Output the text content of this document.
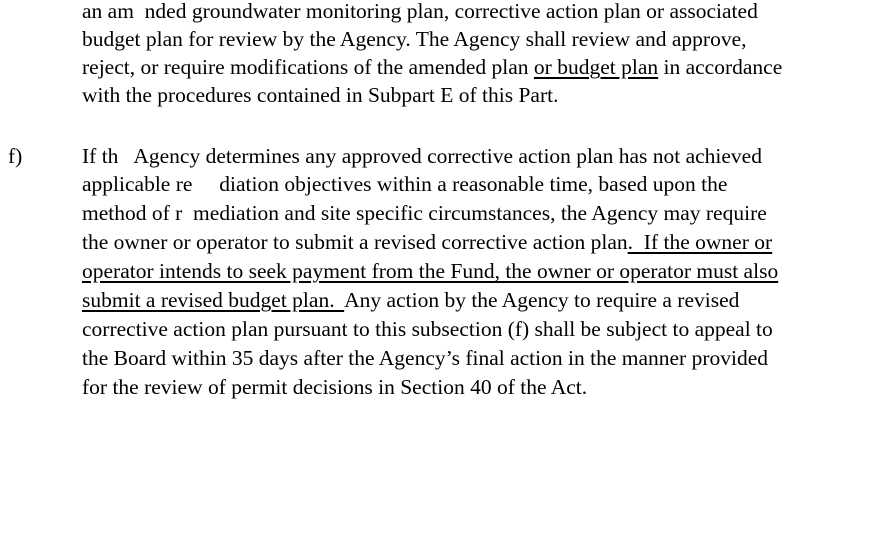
an am  nded groundwater monitoring plan, corrective action plan or associated
budget plan for review by the Agency. The Agency shall review and approve,
reject, or require modifications of the amended plan or budget plan in accordance
with the procedures contained in Subpart E of this Part.
f)	If th   Agency determines any approved corrective action plan has not achieved
applicable re     diation objectives within a reasonable time, based upon the
method of r  mediation and site specific circumstances, the Agency may require
the owner or operator to submit a revised corrective action plan.  If the owner or
operator intends to seek payment from the Fund, the owner or operator must also
submit a revised budget plan.  Any action by the Agency to require a revised
corrective action plan pursuant to this subsection (f) shall be subject to appeal to
the Board within 35 days after the Agency’s final action in the manner provided
for the review of permit decisions in Section 40 of the Act.
